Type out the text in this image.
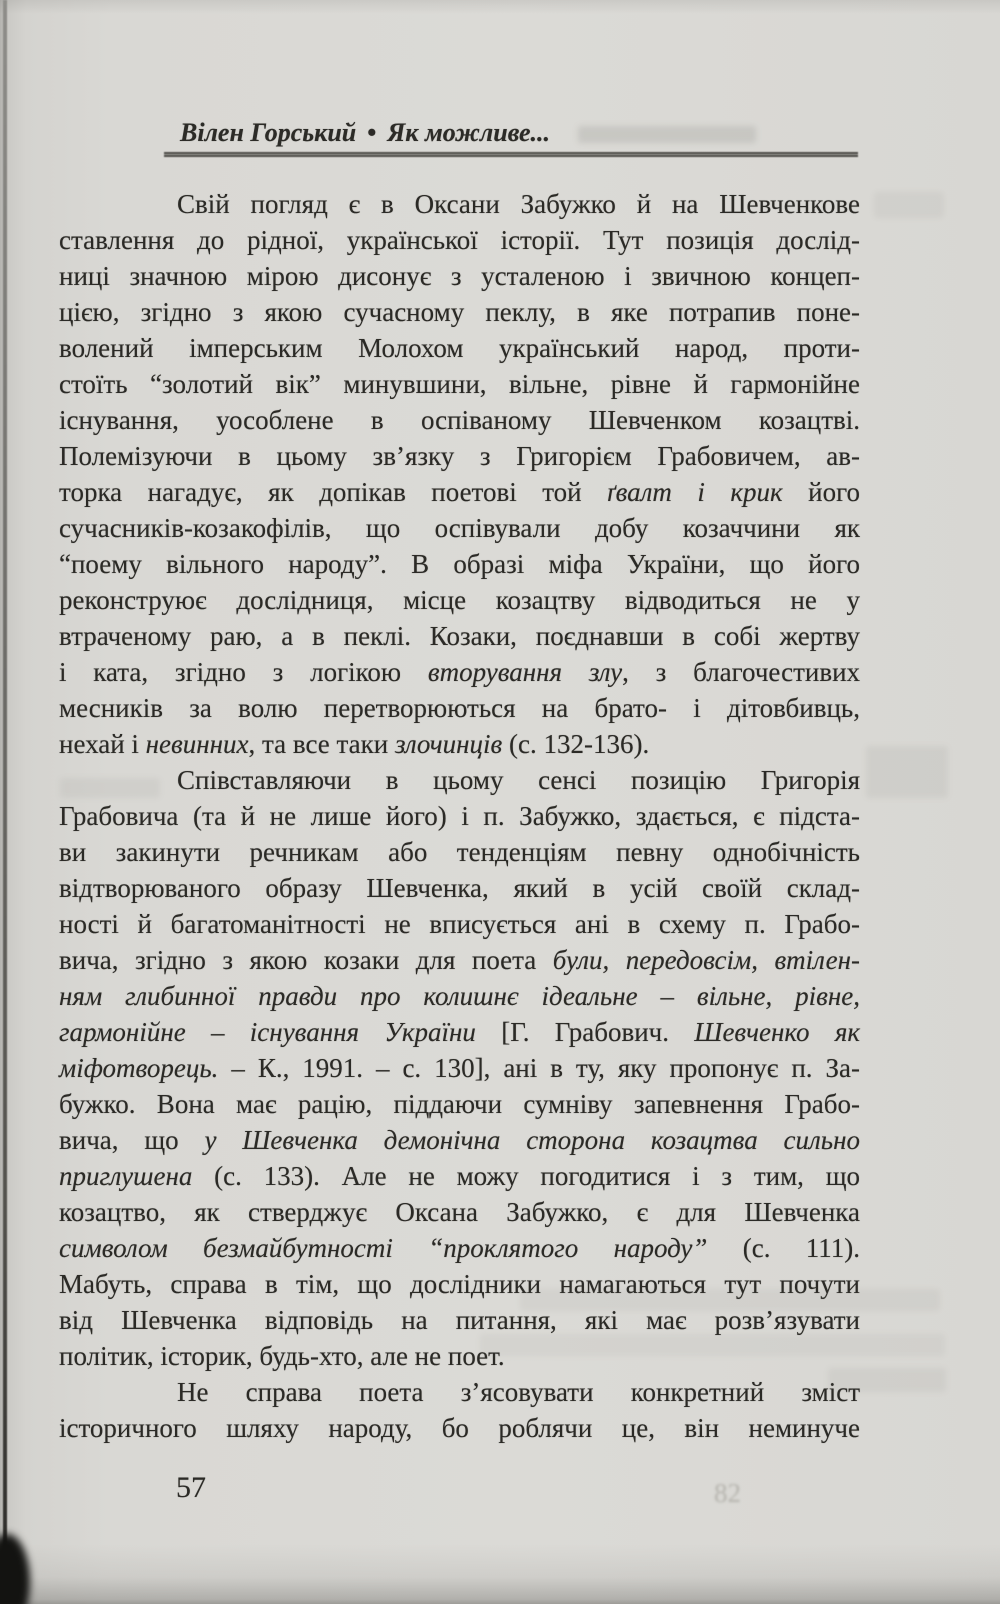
Вілен Горський • Як можливе...
Свій погляд є в Оксани Забужко й на Шевченкове
ставлення до рідної, української історії. Тут позиція дослід-
ниці значною мірою дисонує з усталеною і звичною концеп-
цією, згідно з якою сучасному пеклу, в яке потрапив поне-
волений імперським Молохом український народ, проти-
стоїть “золотий вік” минувшини, вільне, рівне й гармонійне
існування, уособлене в оспіваному Шевченком козацтві.
Полемізуючи в цьому зв’язку з Григорієм Грабовичем, ав-
торка нагадує, як допікав поетові той ґвалт і крик його
сучасників-козакофілів, що оспівували добу козаччини як
“поему вільного народу”. В образі міфа України, що його
реконструює дослідниця, місце козацтву відводиться не у
втраченому раю, а в пеклі. Козаки, поєднавши в собі жертву
і ката, згідно з логікою вторування злу, з благочестивих
месників за волю перетворюються на брато- і дітовбивць,
нехай і невинних, та все таки злочинців (с. 132-136).
Співставляючи в цьому сенсі позицію Григорія
Грабовича (та й не лише його) і п. Забужко, здається, є підста-
ви закинути речникам або тенденціям певну однобічність
відтворюваного образу Шевченка, який в усій своїй склад-
ності й багатоманітності не вписується ані в схему п. Грабо-
вича, згідно з якою козаки для поета були, передовсім, втілен-
ням глибинної правди про колишнє ідеальне – вільне, рівне,
гармонійне – існування України [Г. Грабович. Шевченко як
міфотворець. – К., 1991. – с. 130], ані в ту, яку пропонує п. За-
бужко. Вона має рацію, піддаючи сумніву запевнення Грабо-
вича, що у Шевченка демонічна сторона козацтва сильно
приглушена (с. 133). Але не можу погодитися і з тим, що
козацтво, як стверджує Оксана Забужко, є для Шевченка
символом безмайбутності “проклятого народу” (с. 111).
Мабуть, справа в тім, що дослідники намагаються тут почути
від Шевченка відповідь на питання, які має розв’язувати
політик, історик, будь-хто, але не поет.
Не справа поета з’ясовувати конкретний зміст
історичного шляху народу, бо роблячи це, він неминуче
82
57
